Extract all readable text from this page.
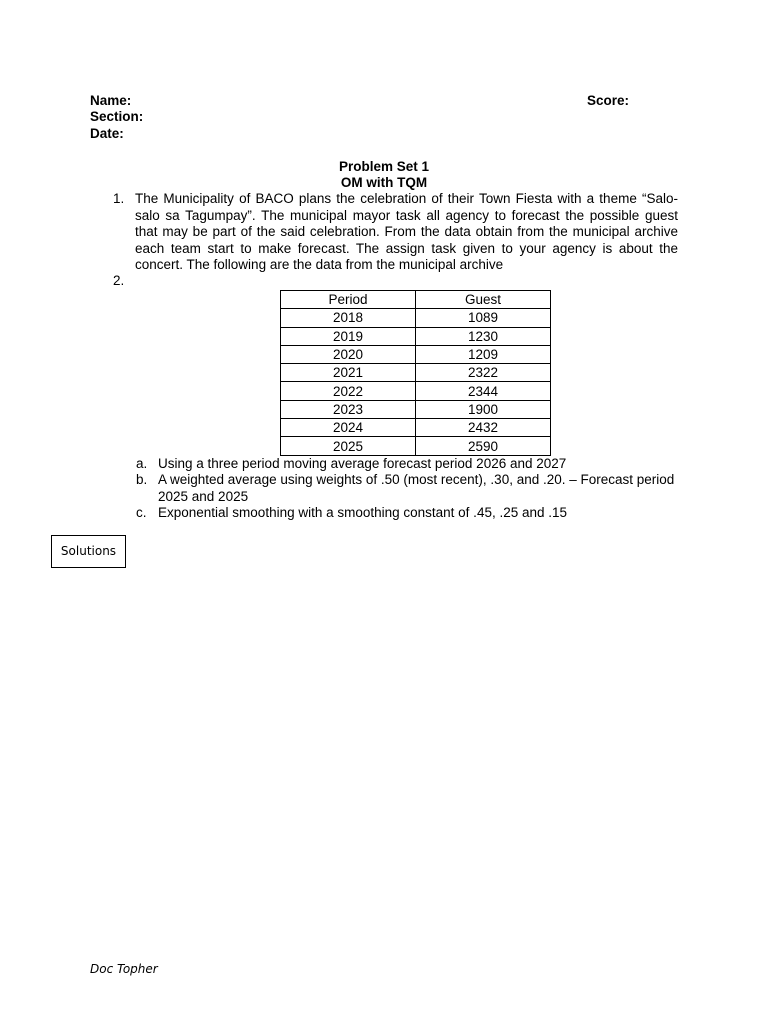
Name:
Section:
Date:
Score:
Problem Set 1
OM with TQM
1. The Municipality of BACO plans the celebration of their Town Fiesta with a theme “Salo-salo sa Tagumpay”. The municipal mayor task all agency to forecast the possible guest that may be part of the said celebration. From the data obtain from the municipal archive each team start to make forecast. The assign task given to your agency is about the concert. The following are the data from the municipal archive
2.
Period	Guest
2018	1089
2019	1230
2020	1209
2021	2322
2022	2344
2023	1900
2024	2432
2025	2590
a. Using a three period moving average forecast period 2026 and 2027
b. A weighted average using weights of .50 (most recent), .30, and .20. – Forecast period 2025 and 2025
c. Exponential smoothing with a smoothing constant of .45, .25 and .15
Solutions
Doc Topher
